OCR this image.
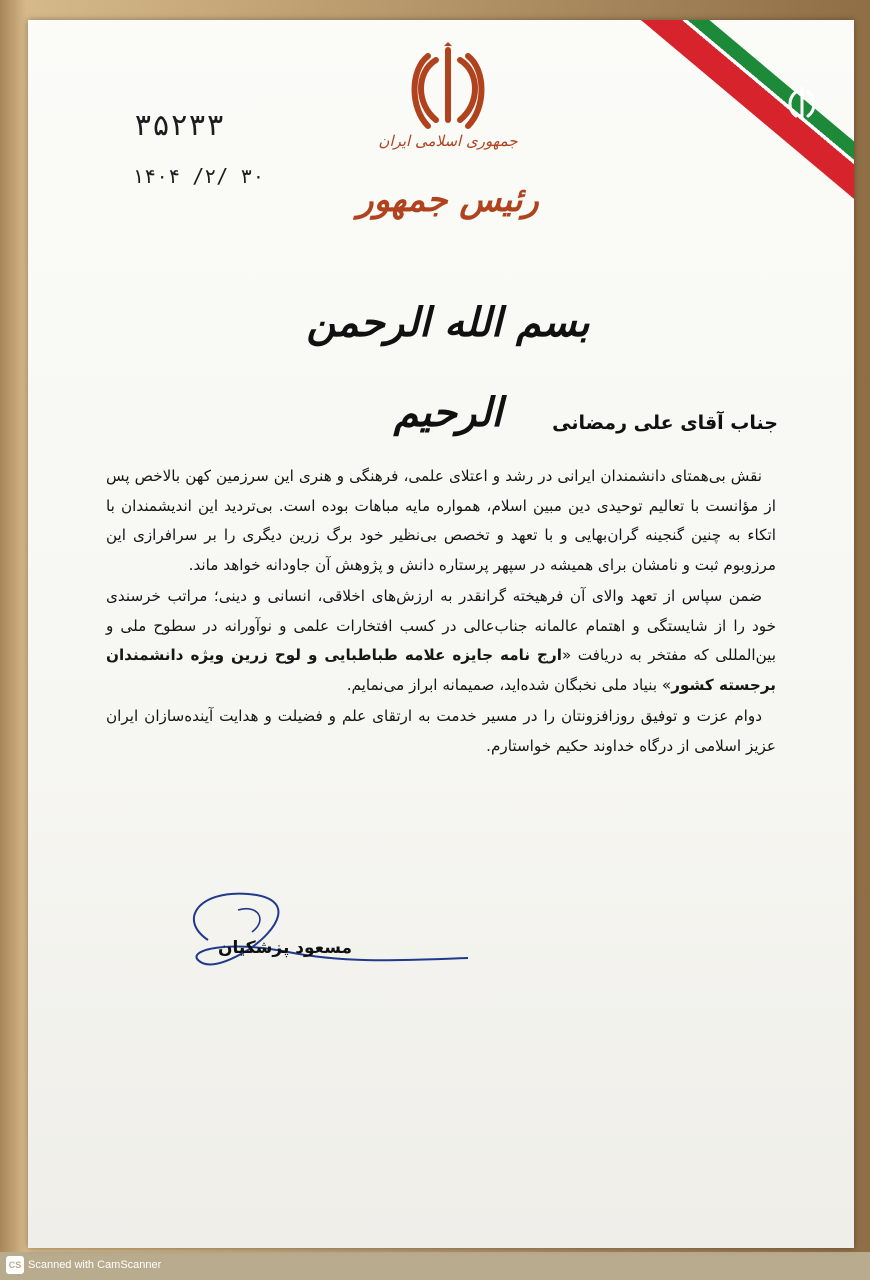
جمهوری اسلامی ایران
رئیس جمهور
۳۵۲۳۳
۱۴۰۴ /۲/ ۳۰
بسم الله الرحمن الرحیم	جناب آقای علی رمضانی

نقش بی‌همتای دانشمندان ایرانی در رشد و اعتلای علمی، فرهنگی و هنری این سرزمین کهن بالاخص پس از مؤانست با تعالیم توحیدی دین مبین اسلام، همواره مایه مباهات بوده است. بی‌تردید این اندیشمندان با اتکاء به چنین گنجینه گران‌بهایی و با تعهد و تخصص بی‌نظیر خود برگ زرین دیگری را بر سرافرازی این مرزوبوم ثبت و نامشان برای همیشه در سپهر پرستاره دانش و پژوهش آن جاودانه خواهد ماند.

ضمن سپاس از تعهد والای آن فرهیخته گرانقدر به ارزش‌های اخلاقی، انسانی و دینی؛ مراتب خرسندی خود را از شایستگی و اهتمام عالمانه جناب‌عالی در کسب افتخارات علمی و نوآورانه در سطوح ملی و بین‌المللی که مفتخر به دریافت «ارج نامه جایزه علامه طباطبایی و لوح زرین ویژه دانشمندان برجسته کشور» بنیاد ملی نخبگان شده‌اید، صمیمانه ابراز می‌نمایم.

دوام عزت و توفیق روزافزونتان را در مسیر خدمت به ارتقای علم و فضیلت و هدایت آینده‌سازان ایران عزیز اسلامی از درگاه خداوند حکیم خواستارم.

مسعود پزشکیان
CS Scanned with CamScanner
